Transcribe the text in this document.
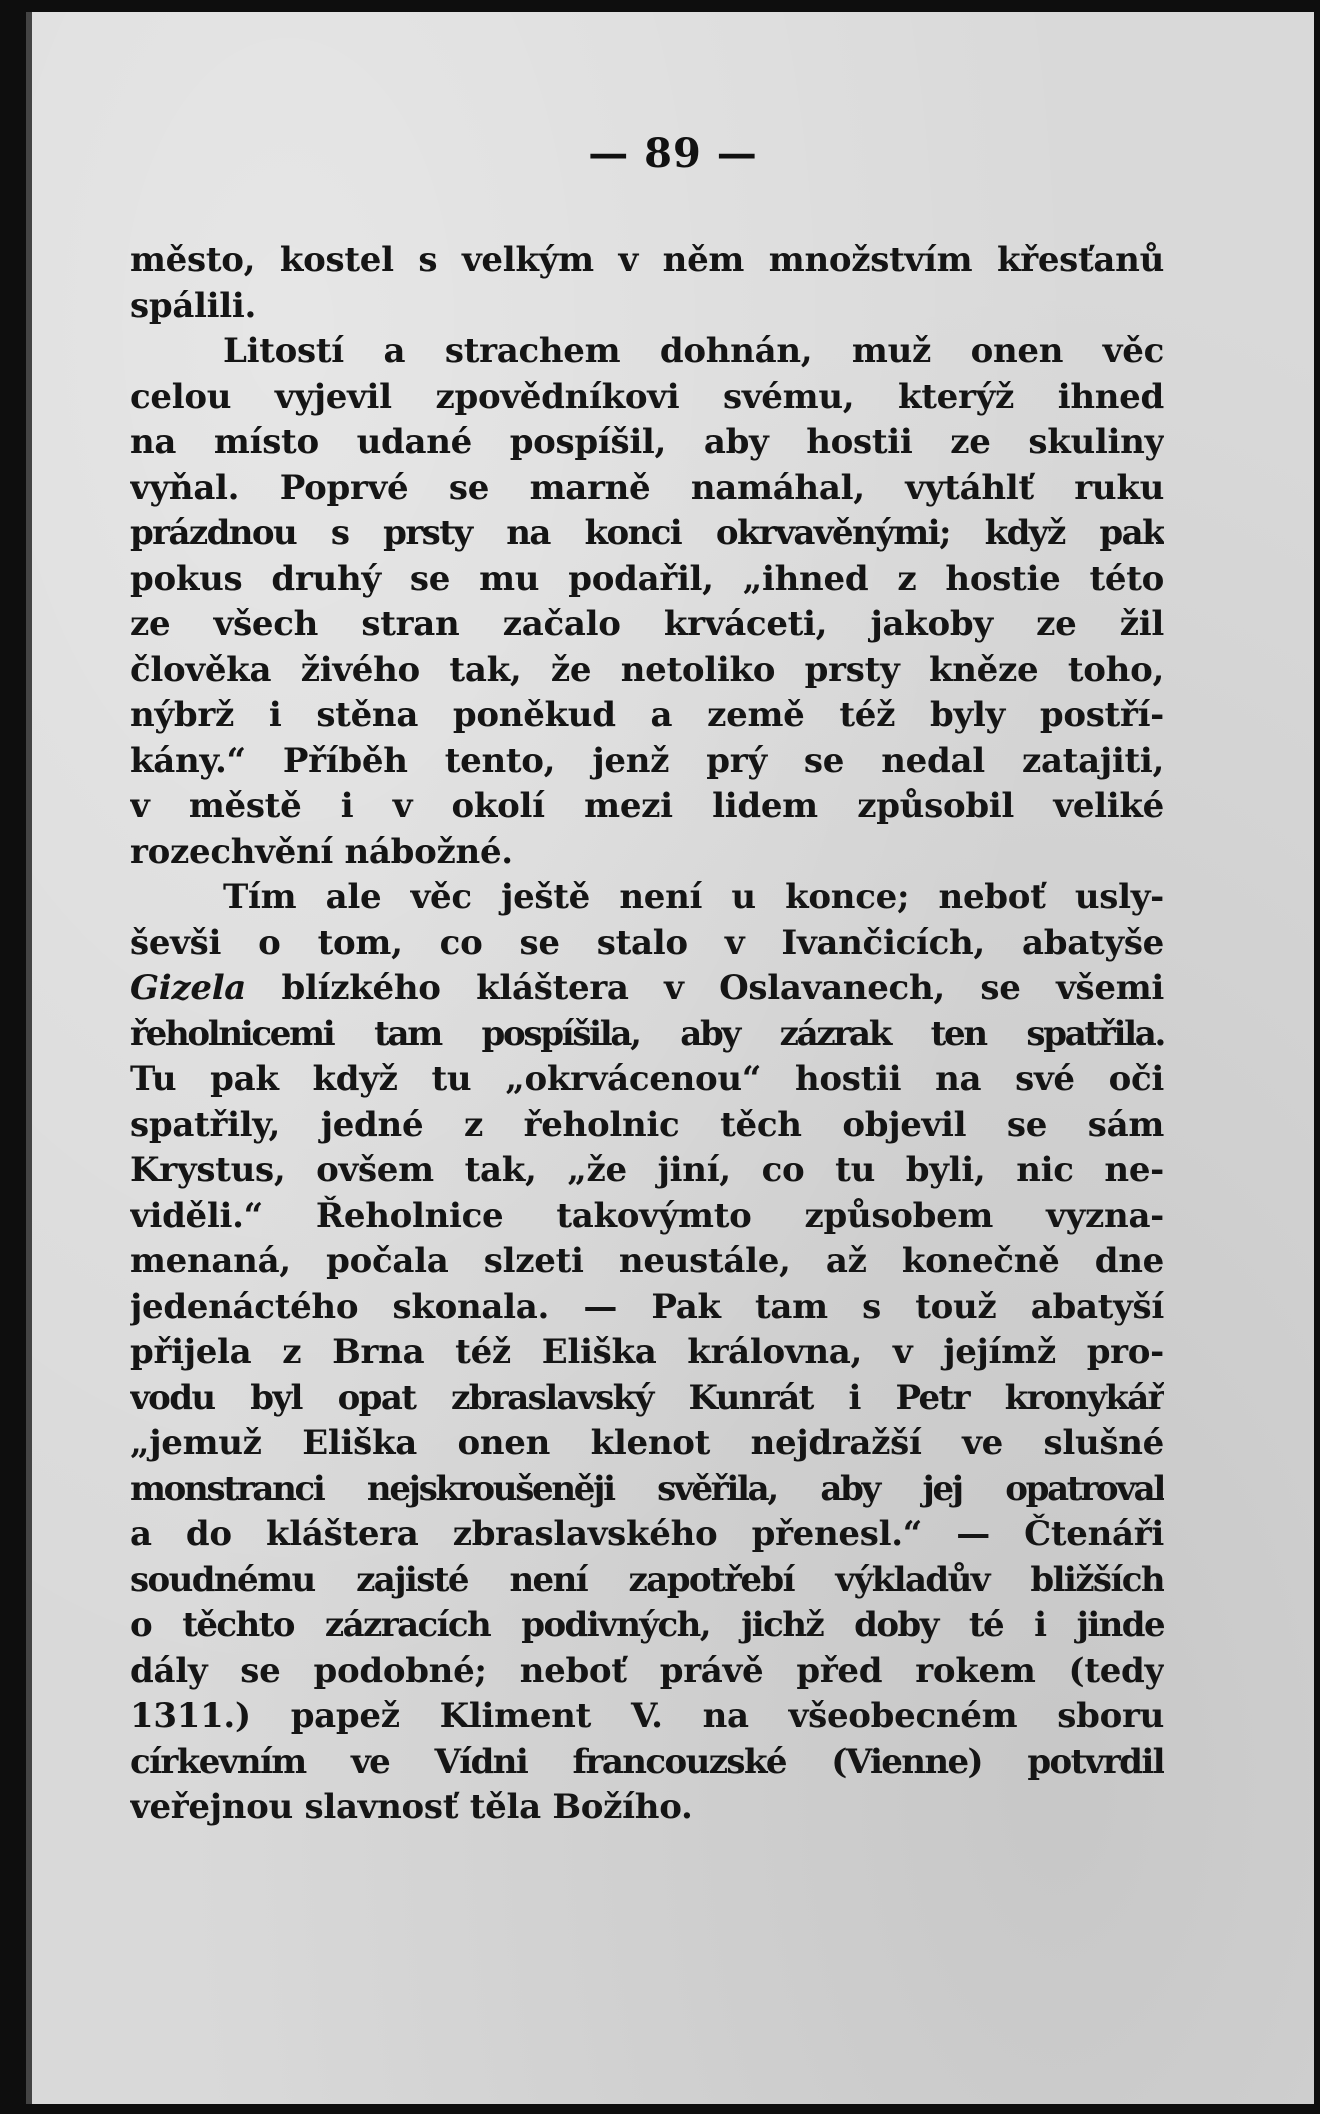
— 89 —
město, kostel s velkým v něm množstvím křesťanů
spálili.
Litostí a strachem dohnán, muž onen věc
celou vyjevil zpovědníkovi svému, kterýž ihned
na místo udané pospíšil, aby hostii ze skuliny
vyňal. Poprvé se marně namáhal, vytáhlť ruku
prázdnou s prsty na konci okrvavěnými; když pak
pokus druhý se mu podařil, „ihned z hostie této
ze všech stran začalo krváceti, jakoby ze žil
člověka živého tak, že netoliko prsty kněze toho,
nýbrž i stěna poněkud a země též byly postří-
kány.“ Příběh tento, jenž prý se nedal zatajiti,
v městě i v okolí mezi lidem způsobil veliké
rozechvění nábožné.
Tím ale věc ještě není u konce; neboť usly-
ševši o tom, co se stalo v Ivančicích, abatyše
Gizela blízkého kláštera v Oslavanech, se všemi
řeholnicemi tam pospíšila, aby zázrak ten spatřila.
Tu pak když tu „okrvácenou“ hostii na své oči
spatřily, jedné z řeholnic těch objevil se sám
Krystus, ovšem tak, „že jiní, co tu byli, nic ne-
viděli.“ Řeholnice takovýmto způsobem vyzna-
menaná, počala slzeti neustále, až konečně dne
jedenáctého skonala. — Pak tam s touž abatyší
přijela z Brna též Eliška královna, v jejímž pro-
vodu byl opat zbraslavský Kunrát i Petr kronykář
„jemuž Eliška onen klenot nejdražší ve slušné
monstranci nejskroušeněji svěřila, aby jej opatroval
a do kláštera zbraslavského přenesl.“ — Čtenáři
soudnému zajisté není zapotřebí výkladův bližších
o těchto zázracích podivných, jichž doby té i jinde
dály se podobné; neboť právě před rokem (tedy
1311.) papež Kliment V. na všeobecném sboru
církevním ve Vídni francouzské (Vienne) potvrdil
veřejnou slavnosť těla Božího.
